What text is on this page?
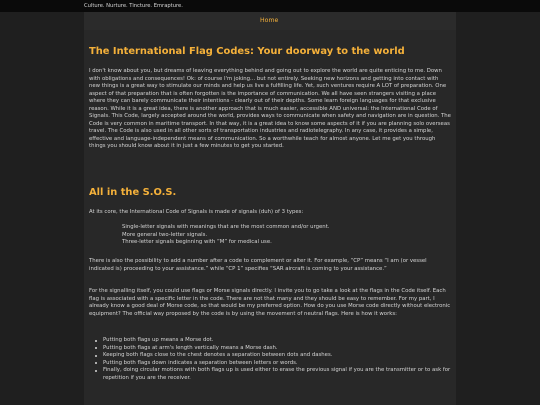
Culture. Nurture. Tincture. Emrapture.
Home
The International Flag Codes: Your doorway to the world

I don't know about you, but dreams of leaving everything behind and going out to explore the world are quite enticing to me. Down with obligations and consequences! Ok: of course I'm joking... but not entirely. Seeking new horizons and getting into contact with new things is a great way to stimulate our minds and help us live a fulfilling life. Yet, such ventures require A LOT of preparation. One aspect of that preparation that is often forgotten is the importance of communication. We all have seen strangers visiting a place where they can barely communicate their intentions - clearly out of their depths. Some learn foreign languages for that exclusive reason. While it is a great idea, there is another approach that is much easier, accessible AND universal: the International Code of Signals. This Code, largely accepted around the world, provides ways to communicate when safety and navigation are in question. The Code is very common in maritime transport. In that way, it is a great idea to know some aspects of it if you are planning solo overseas travel. The Code is also used in all other sorts of transportation industries and radiotelegraphy. In any case, it provides a simple, effective and language-independent means of communication. So a worthwhile teach for almost anyone. Let me get you through things you should know about it in just a few minutes to get you started.

All in the S.O.S.

At its core, the International Code of Signals is made of signals (duh) of 3 types:

Single-letter signals with meanings that are the most common and/or urgent.
More general two-letter signals.
Three-letter signals beginning with “M” for medical use.

There is also the possibility to add a number after a code to complement or alter it. For example, “CP” means “I am (or vessel indicated is) proceeding to your assistance.” while “CP 1” specifies “SAR aircraft is coming to your assistance.”

For the signalling itself, you could use flags or Morse signals directly. I invite you to go take a look at the flags in the Code itself. Each flag is associated with a specific letter in the code. There are not that many and they should be easy to remember. For my part, I already know a good deal of Morse code, so that would be my preferred option. How do you use Morse code directly without electronic equipment? The official way proposed by the code is by using the movement of neutral flags. Here is how it works:

Putting both flags up means a Morse dot.
Putting both flags at arm's length vertically means a Morse dash.
Keeping both flags close to the chest denotes a separation between dots and dashes.
Putting both flags down indicates a separation between letters or words.
Finally, doing circular motions with both flags up is used either to erase the previous signal if you are the transmitter or to ask for repetition if you are the receiver.
